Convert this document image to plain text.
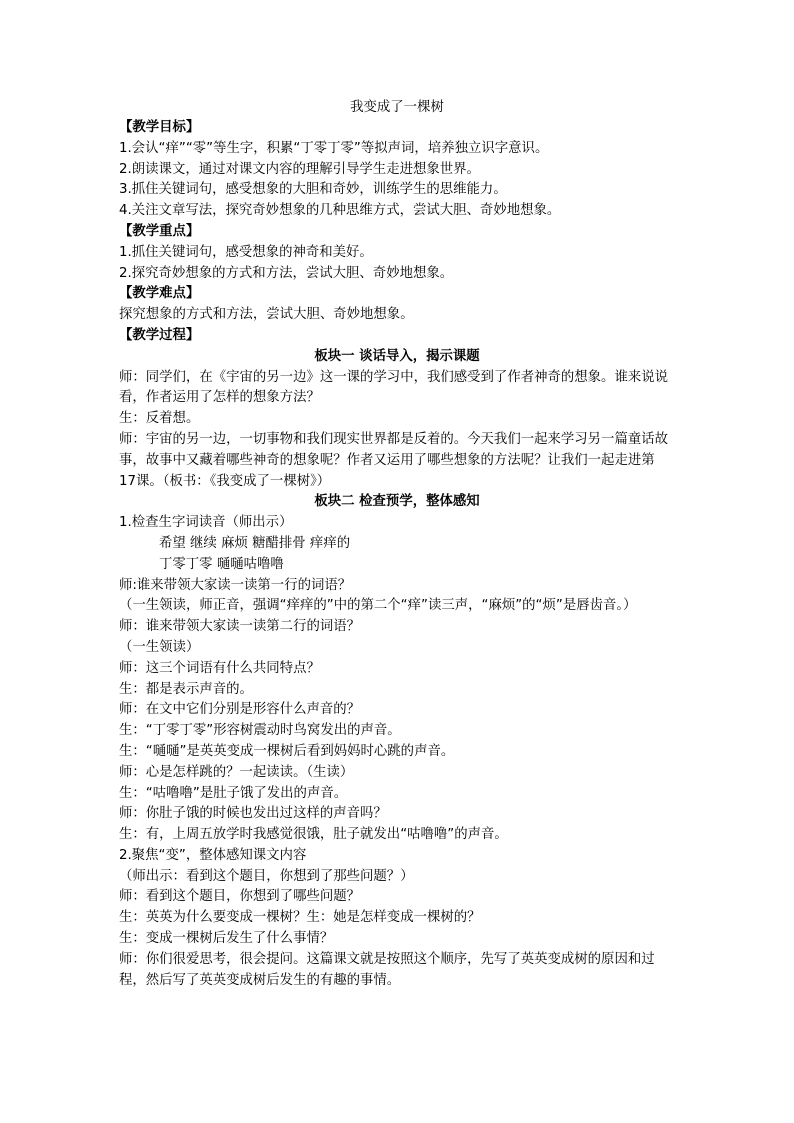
我变成了一棵树
【教学目标】
1.会认“痒”“零”等生字，积累“丁零丁零”等拟声词，培养独立识字意识。
2.朗读课文，通过对课文内容的理解引导学生走进想象世界。
3.抓住关键词句，感受想象的大胆和奇妙，训练学生的思维能力。
4.关注文章写法，探究奇妙想象的几种思维方式，尝试大胆、奇妙地想象。
【教学重点】
1.抓住关键词句，感受想象的神奇和美好。
2.探究奇妙想象的方式和方法，尝试大胆、奇妙地想象。
【教学难点】
探究想象的方式和方法，尝试大胆、奇妙地想象。
【教学过程】
板块一 谈话导入，揭示课题
师：同学们，在《宇宙的另一边》这一课的学习中，我们感受到了作者神奇的想象。谁来说说看，作者运用了怎样的想象方法？
生：反着想。
师：宇宙的另一边，一切事物和我们现实世界都是反着的。今天我们一起来学习另一篇童话故事，故事中又藏着哪些神奇的想象呢？作者又运用了哪些想象的方法呢？让我们一起走进第 17课。（板书：《我变成了一棵树》）
板块二 检查预学，整体感知
1.检查生字词读音（师出示）
希望 继续 麻烦 糖醋排骨 痒痒的
丁零丁零 嗵嗵咕噜噜
师:谁来带领大家读一读第一行的词语？
（一生领读，师正音，强调“痒痒的”中的第二个“痒”读三声，“麻烦”的“烦”是唇齿音。）
师：谁来带领大家读一读第二行的词语？
（一生领读）
师：这三个词语有什么共同特点？
生：都是表示声音的。
师：在文中它们分别是形容什么声音的？
生：“丁零丁零”形容树震动时鸟窝发出的声音。
生：“嗵嗵”是英英变成一棵树后看到妈妈时心跳的声音。
师：心是怎样跳的？一起读读。（生读）
生：“咕噜噜”是肚子饿了发出的声音。
师：你肚子饿的时候也发出过这样的声音吗？
生：有，上周五放学时我感觉很饿，肚子就发出“咕噜噜”的声音。
2.聚焦“变”，整体感知课文内容
（师出示：看到这个题目，你想到了那些问题？）
师：看到这个题目，你想到了哪些问题？
生：英英为什么要变成一棵树？生：她是怎样变成一棵树的？
生：变成一棵树后发生了什么事情？
师：你们很爱思考，很会提问。这篇课文就是按照这个顺序，先写了英英变成树的原因和过程，然后写了英英变成树后发生的有趣的事情。
